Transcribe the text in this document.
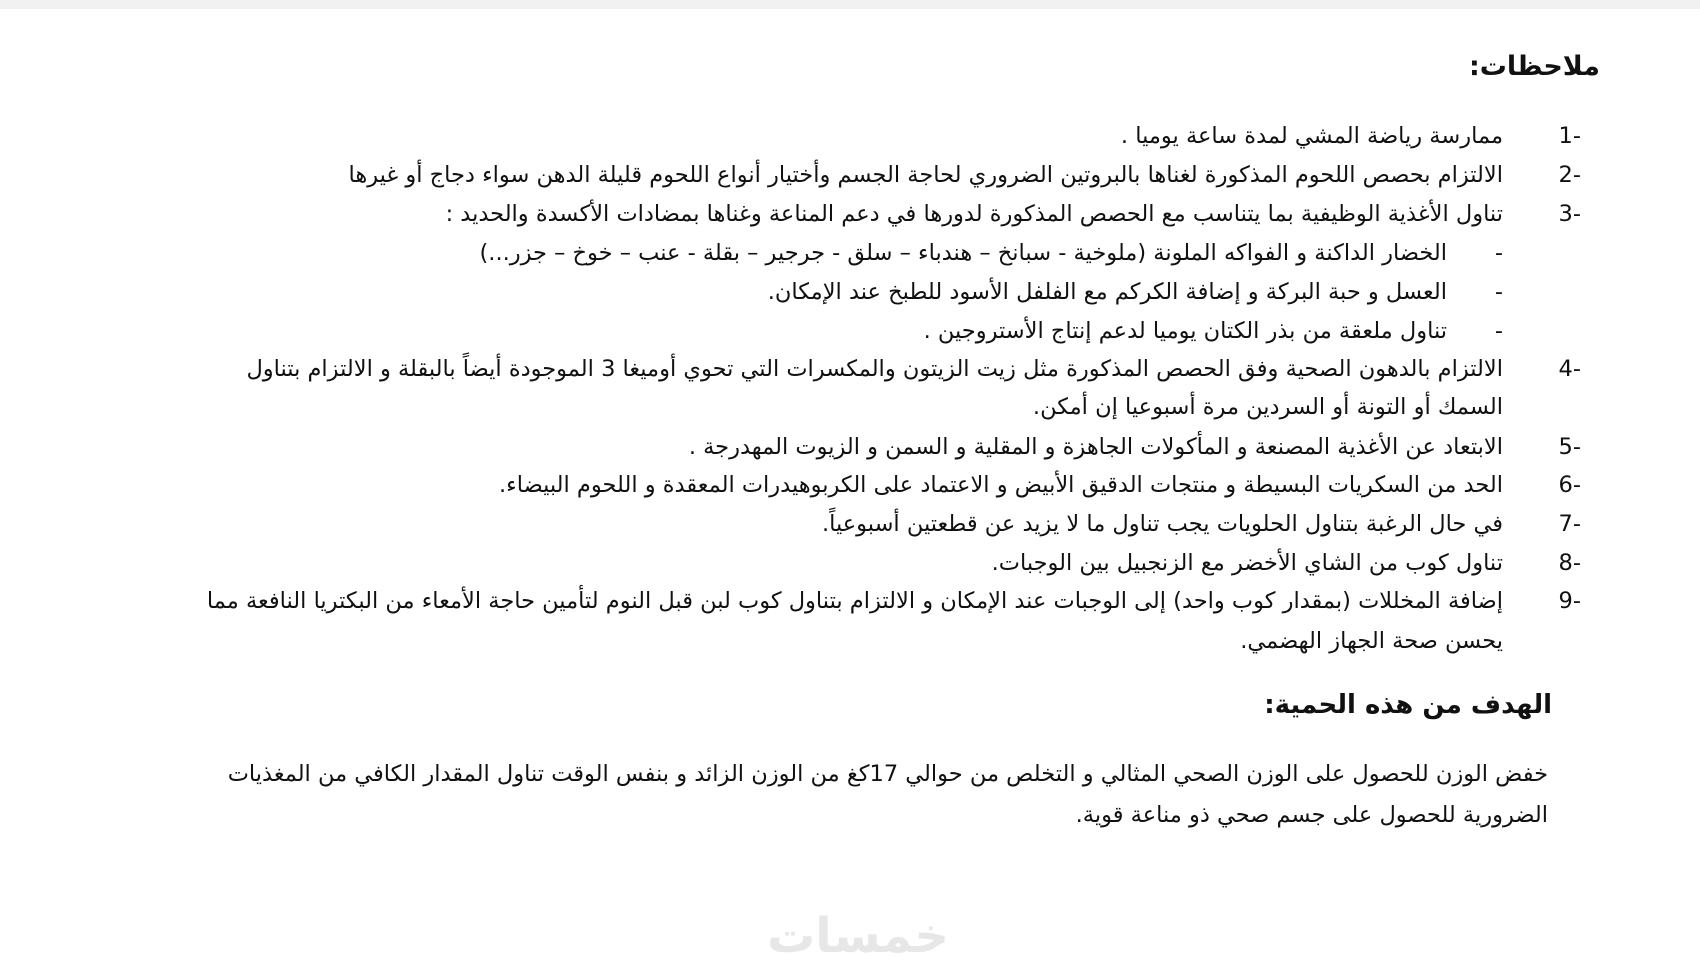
ملاحظات:
-1
ممارسة رياضة المشي لمدة ساعة يوميا .
-2
الالتزام بحصص اللحوم المذكورة لغناها بالبروتين الضروري لحاجة الجسم وأختيار أنواع اللحوم قليلة الدهن سواء دجاج أو غيرها
-3
تناول الأغذية الوظيفية بما يتناسب مع الحصص المذكورة لدورها في دعم المناعة وغناها بمضادات الأكسدة والحديد :
-
الخضار الداكنة و الفواكه الملونة (ملوخية - سبانخ – هندباء – سلق - جرجير – بقلة - عنب – خوخ – جزر...)
-
العسل و حبة البركة و إضافة الكركم مع الفلفل الأسود للطبخ عند الإمكان.
-
تناول ملعقة من بذر الكتان يوميا لدعم إنتاج الأستروجين .
-4
الالتزام بالدهون الصحية وفق الحصص المذكورة مثل زيت الزيتون والمكسرات التي تحوي أوميغا 3 الموجودة أيضاً بالبقلة و الالتزام بتناول
السمك أو التونة أو السردين مرة أسبوعيا إن أمكن.
-5
الابتعاد عن الأغذية المصنعة و المأكولات الجاهزة و المقلية و السمن و الزيوت المهدرجة .
-6
الحد من السكريات البسيطة و منتجات الدقيق الأبيض و الاعتماد على الكربوهيدرات المعقدة و اللحوم البيضاء.
-7
في حال الرغبة بتناول الحلويات يجب تناول ما لا يزيد عن قطعتين أسبوعياً.
-8
تناول كوب من الشاي الأخضر مع الزنجبيل بين الوجبات.
-9
إضافة المخللات (بمقدار كوب واحد) إلى الوجبات عند الإمكان و الالتزام بتناول كوب لبن قبل النوم لتأمين حاجة الأمعاء من البكتريا النافعة مما
يحسن صحة الجهاز الهضمي.
الهدف من هذه الحمية:
خفض الوزن للحصول على الوزن الصحي المثالي و التخلص من حوالي 17كغ من الوزن الزائد و بنفس الوقت تناول المقدار الكافي من المغذيات
الضرورية للحصول على جسم صحي ذو مناعة قوية.
خمسات
